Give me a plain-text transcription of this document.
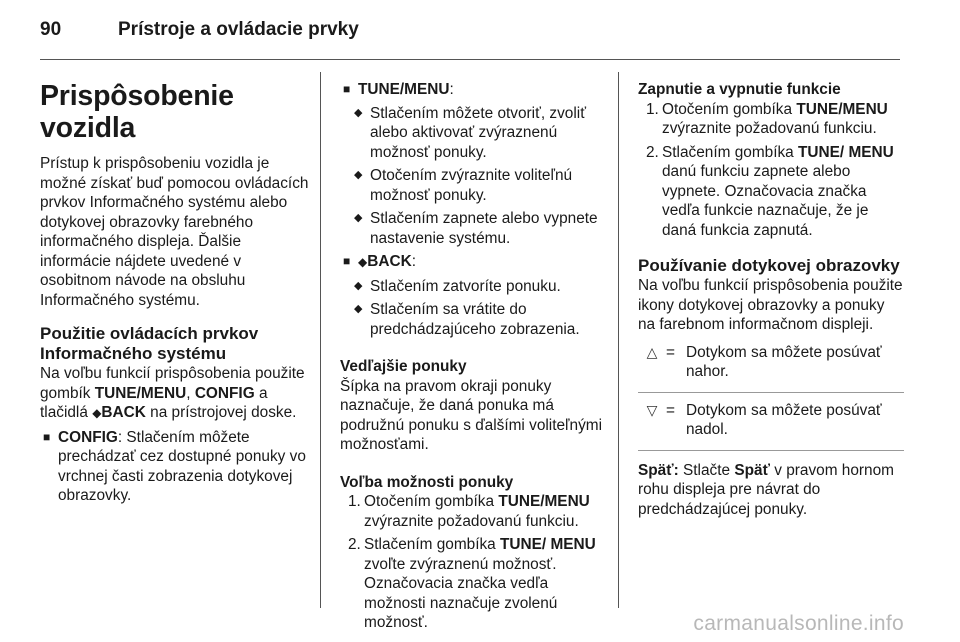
90	Prístroje a ovládacie prvky
Prispôsobenie vozidla

Prístup k prispôsobeniu vozidla je možné získať buď pomocou ovládacích prvkov Informačného systému alebo dotykovej obrazovky farebného informačného displeja. Ďalšie informácie nájdete uvedené v osobitnom návode na obsluhu Informačného systému.

Použitie ovládacích prvkov Informačného systému

Na voľbu funkcií prispôsobenia použite gombík TUNE/MENU, CONFIG a tlačidlá ◆BACK na prístrojovej doske.

■ CONFIG: Stlačením môžete prechádzať cez dostupné ponuky vo vrchnej časti zobrazenia dotykovej obrazovky.
■ TUNE/MENU:
◆ Stlačením môžete otvoriť, zvoliť alebo aktivovať zvýraznenú možnosť ponuky.
◆ Otočením zvýraznite voliteľnú možnosť ponuky.
◆ Stlačením zapnete alebo vypnete nastavenie systému.
■ ◆BACK:
◆ Stlačením zatvoríte ponuku.
◆ Stlačením sa vrátite do predchádzajúceho zobrazenia.
Vedľajšie ponuky

Šípka na pravom okraji ponuky naznačuje, že daná ponuka má podružnú ponuku s ďalšími voliteľnými možnosťami.

Voľba možnosti ponuky
1. Otočením gombíka TUNE/MENU zvýraznite požadovanú funkciu.
2. Stlačením gombíka TUNE/ MENU zvoľte zvýraznenú možnosť. Označovacia značka vedľa možnosti naznačuje zvolenú možnosť.
Zapnutie a vypnutie funkcie
1. Otočením gombíka TUNE/MENU zvýraznite požadovanú funkciu.
2. Stlačením gombíka TUNE/ MENU danú funkciu zapnete alebo vypnete. Označovacia značka vedľa funkcie naznačuje, že je daná funkcia zapnutá.
Používanie dotykovej obrazovky

Na voľbu funkcií prispôsobenia použite ikony dotykovej obrazovky a ponuky na farebnom informačnom displeji.

△ = Dotykom sa môžete posúvať nahor.
▽ = Dotykom sa môžete posúvať nadol.

Späť: Stlačte Späť v pravom hornom rohu displeja pre návrat do predchádzajúcej ponuky.

carmanualsonline.info
